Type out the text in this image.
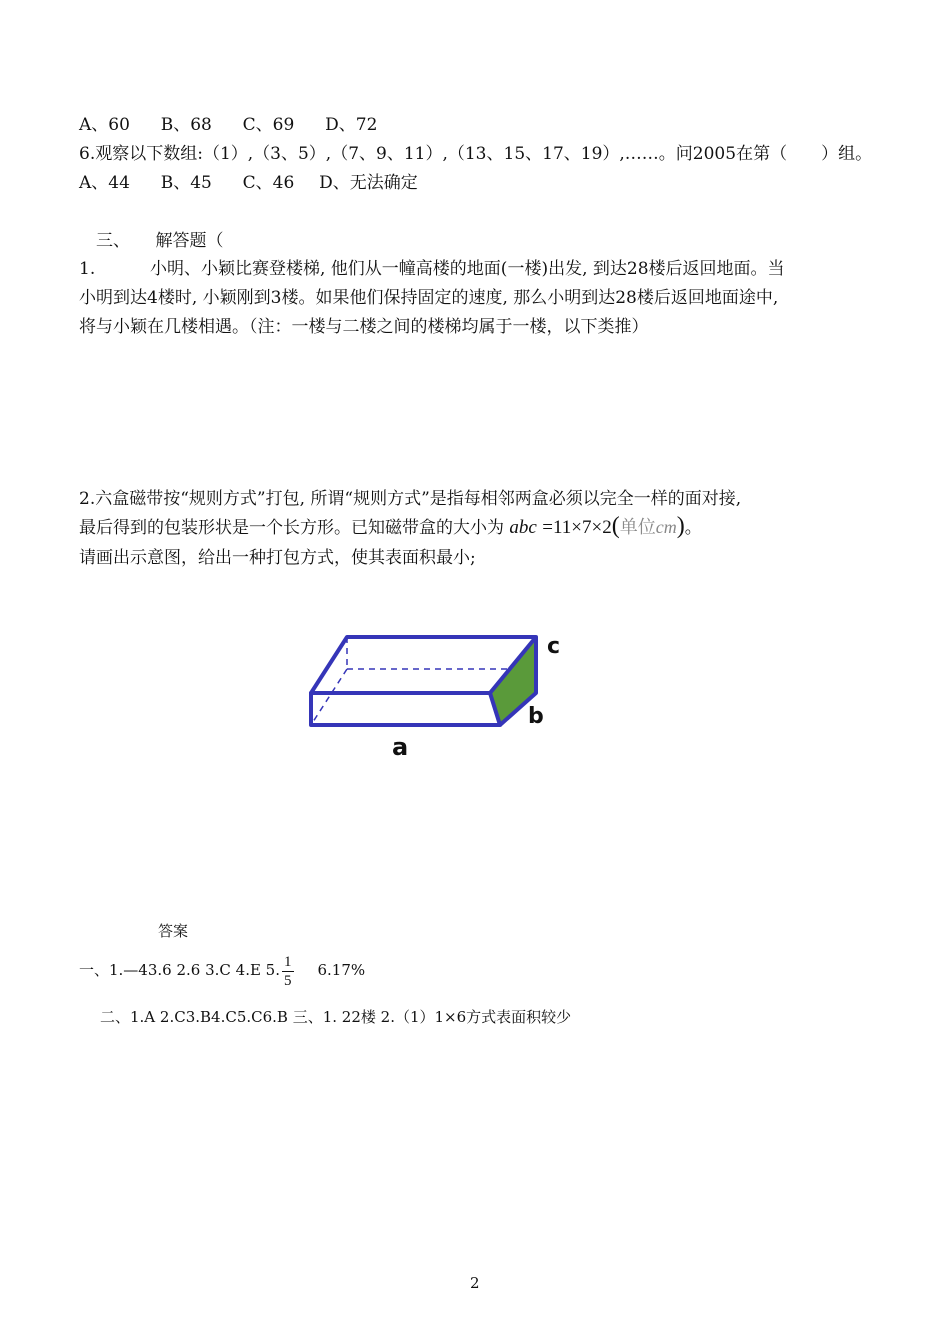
A、60 B、68 C、69 D、72
6.观察以下数组:（1）,（3、5）,（7、9、11）,（13、15、17、19）,……。问2005在第（　　）组。
A、44 B、45 C、46 D、无法确定
三、　　解答题（
1.	小明、小颖比赛登楼梯, 他们从一幢高楼的地面(一楼)出发, 到达28楼后返回地面。当
小明到达4楼时, 小颖刚到3楼。如果他们保持固定的速度, 那么小明到达28楼后返回地面途中,
将与小颖在几楼相遇。（注：一楼与二楼之间的楼梯均属于一楼，以下类推）
2.六盒磁带按“规则方式”打包, 所谓“规则方式”是指每相邻两盒必须以完全一样的面对接,
最后得到的包装形状是一个长方形。已知磁带盒的大小为 abc =11×7×2(单位cm)。
请画出示意图，给出一种打包方式，使其表面积最小;
c
b
a
答案
一、1.—43.6 2.6 3.C 4.E 5. $\frac{1}{5} 6.17\%$
二、1.A 2.C3.B4.C5.C6.B 三、1. 22楼 2.（1）1×6方式表面积较少
2
